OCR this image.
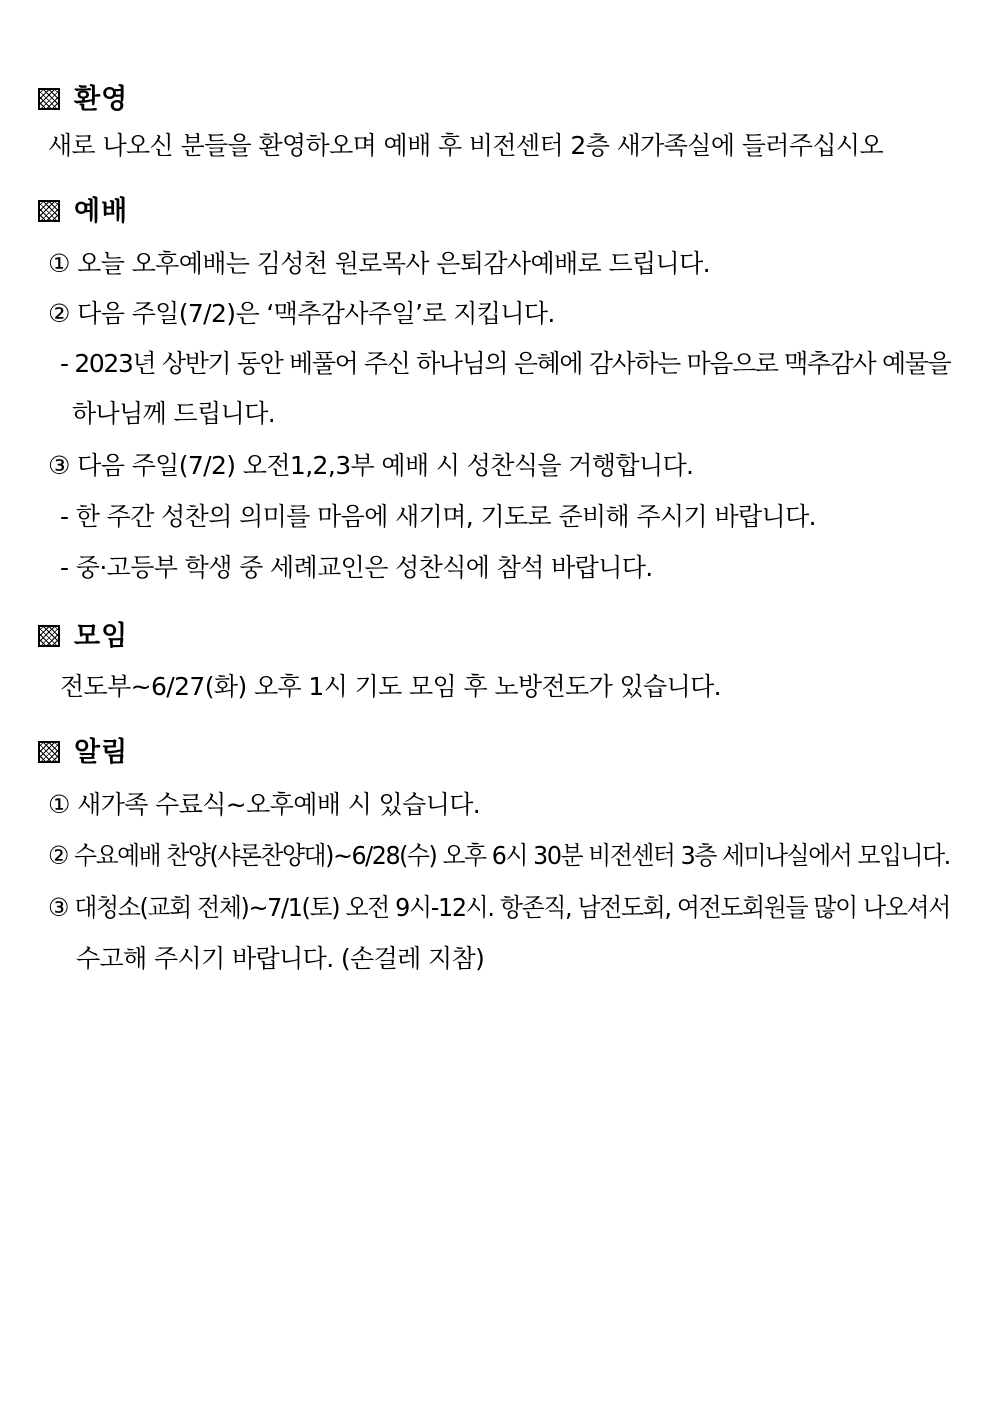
환영
새로 나오신 분들을 환영하오며 예배 후 비전센터 2층 새가족실에 들러주십시오
예배
① 오늘 오후예배는 김성천 원로목사 은퇴감사예배로 드립니다.
② 다음 주일(7/2)은 ‘맥추감사주일’로 지킵니다.
- 2023년 상반기 동안 베풀어 주신 하나님의 은혜에 감사하는 마음으로 맥추감사 예물을
하나님께 드립니다.
③ 다음 주일(7/2) 오전1,2,3부 예배 시 성찬식을 거행합니다.
- 한 주간 성찬의 의미를 마음에 새기며, 기도로 준비해 주시기 바랍니다.
- 중·고등부 학생 중 세례교인은 성찬식에 참석 바랍니다.
모임
전도부~6/27(화) 오후 1시 기도 모임 후 노방전도가 있습니다.
알림
① 새가족 수료식~오후예배 시 있습니다.
② 수요예배 찬양(샤론찬양대)~6/28(수) 오후 6시 30분 비전센터 3층 세미나실에서 모입니다.
③ 대청소(교회 전체)~7/1(토) 오전 9시-12시. 항존직, 남전도회, 여전도회원들 많이 나오셔서
수고해 주시기 바랍니다. (손걸레 지참)
